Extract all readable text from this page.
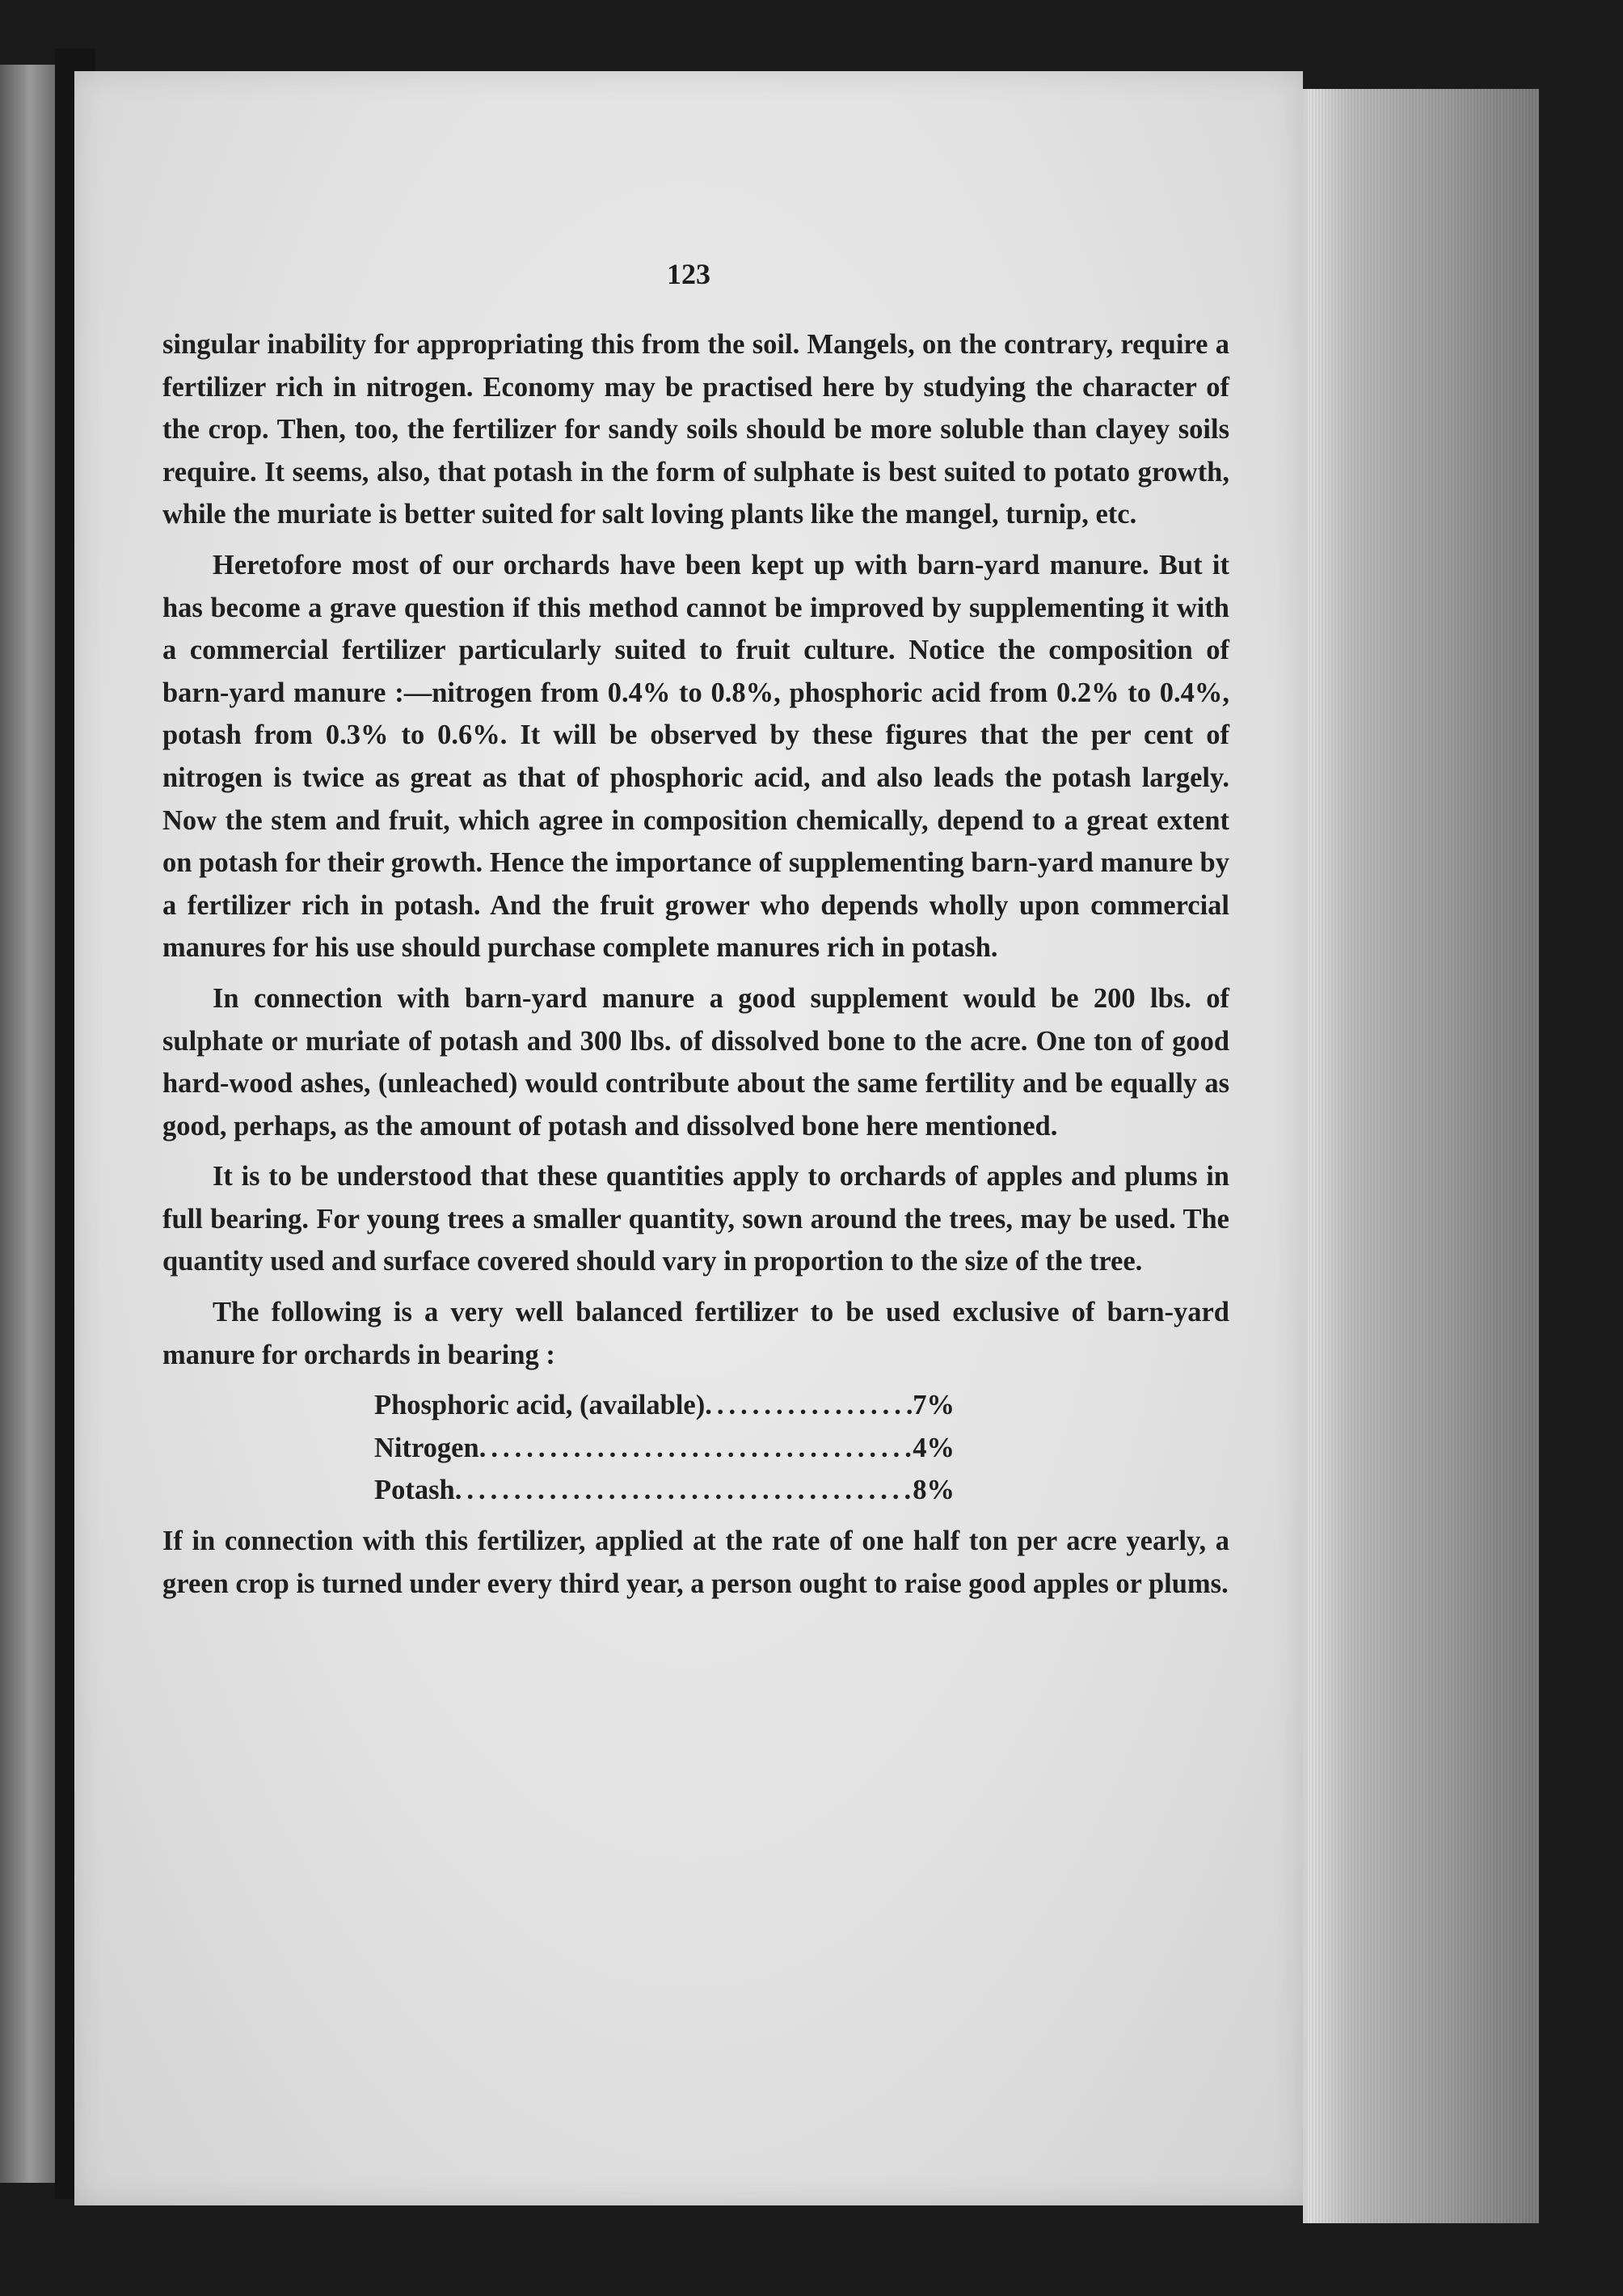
123

singular inability for appropriating this from the soil. Mangels, on the contrary, require a fertilizer rich in nitrogen. Economy may be practised here by studying the character of the crop. Then, too, the fertilizer for sandy soils should be more soluble than clayey soils require. It seems, also, that potash in the form of sulphate is best suited to potato growth, while the muriate is better suited for salt loving plants like the mangel, turnip, etc.

Heretofore most of our orchards have been kept up with barn-yard manure. But it has become a grave question if this method cannot be improved by supplementing it with a commercial fertilizer particularly suited to fruit culture. Notice the composition of barn-yard manure :—nitrogen from 0.4% to 0.8%, phosphoric acid from 0.2% to 0.4%, potash from 0.3% to 0.6%. It will be observed by these figures that the per cent of nitrogen is twice as great as that of phosphoric acid, and also leads the potash largely. Now the stem and fruit, which agree in composition chemically, depend to a great extent on potash for their growth. Hence the importance of supplementing barn-yard manure by a fertilizer rich in potash. And the fruit grower who depends wholly upon commercial manures for his use should purchase complete manures rich in potash.

In connection with barn-yard manure a good supplement would be 200 lbs. of sulphate or muriate of potash and 300 lbs. of dissolved bone to the acre. One ton of good hard-wood ashes, (unleached) would contribute about the same fertility and be equally as good, perhaps, as the amount of potash and dissolved bone here mentioned.

It is to be understood that these quantities apply to orchards of apples and plums in full bearing. For young trees a smaller quantity, sown around the trees, may be used. The quantity used and surface covered should vary in proportion to the size of the tree.

The following is a very well balanced fertilizer to be used exclusive of barn-yard manure for orchards in bearing :

Phosphoric acid, (available) .....	7%
Nitrogen .....	4%
Potash .....	8%

If in connection with this fertilizer, applied at the rate of one half ton per acre yearly, a green crop is turned under every third year, a person ought to raise good apples or plums.
